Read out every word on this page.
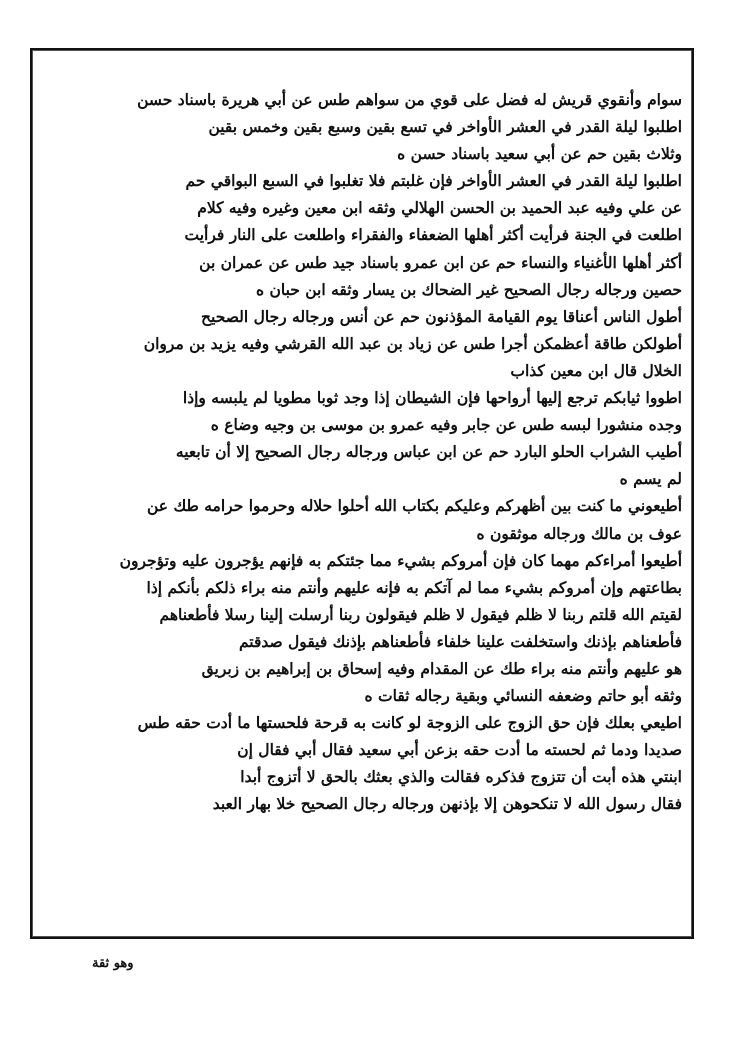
سوام وأنقوي قريش له فضل على قوي من سواهم طس عن أبي هريرة باسناد حسن
اطلبوا ليلة القدر في العشر الأواخر في تسع بقين وسبع بقين وخمس بقين
وثلاث بقين حم عن أبي سعيد باسناد حسن ه
اطلبوا ليلة القدر في العشر الأواخر فإن غلبتم فلا تغلبوا في السبع البواقي حم
عن علي وفيه عبد الحميد بن الحسن الهلالي وثقه ابن معين وغيره وفيه كلام
اطلعت في الجنة فرأيت أكثر أهلها الضعفاء والفقراء واطلعت على النار فرأيت
أكثر أهلها الأغنياء والنساء حم عن ابن عمرو باسناد جيد طس عن عمران بن
حصين ورجاله رجال الصحيح غير الضحاك بن يسار وثقه ابن حبان ه
أطول الناس أعناقا يوم القيامة المؤذنون حم عن أنس ورجاله رجال الصحيح
أطولكن طاقة أعظمكن أجرا طس عن زياد بن عبد الله القرشي وفيه يزيد بن مروان
الخلال قال ابن معين كذاب
اطووا ثيابكم ترجع إليها أرواحها فإن الشيطان إذا وجد ثوبا مطويا لم يلبسه وإذا
وجده منشورا لبسه طس عن جابر وفيه عمرو بن موسى بن وجيه وضاع ه
أطيب الشراب الحلو البارد حم عن ابن عباس ورجاله رجال الصحيح إلا أن تابعيه
لم يسم ه
أطيعوني ما كنت بين أظهركم وعليكم بكتاب الله أحلوا حلاله وحرموا حرامه طك عن
عوف بن مالك ورجاله موثقون ه
أطيعوا أمراءكم مهما كان فإن أمروكم بشيء مما جئتكم به فإنهم يؤجرون عليه وتؤجرون
بطاعتهم وإن أمروكم بشيء مما لم آتكم به فإنه عليهم وأنتم منه براء ذلكم بأنكم إذا
لقيتم الله قلتم ربنا لا ظلم فيقول لا ظلم فيقولون ربنا أرسلت إلينا رسلا فأطعناهم
فأطعناهم بإذنك واستخلفت علينا خلفاء فأطعناهم بإذنك فيقول صدقتم
هو عليهم وأنتم منه براء طك عن المقدام وفيه إسحاق بن إبراهيم بن زبريق
وثقه أبو حاتم وضعفه النسائي وبقية رجاله ثقات ه
اطيعي بعلك فإن حق الزوج على الزوجة لو كانت به قرحة فلحستها ما أدت حقه طس
صديدا ودما ثم لحسته ما أدت حقه بزعن أبي سعيد فقال أبي فقال إن
ابنتي هذه أبت أن تتزوج فذكره فقالت والذي بعثك بالحق لا أتزوج أبدا
فقال رسول الله لا تنكحوهن إلا بإذنهن ورجاله رجال الصحيح خلا بهار العبد
وهو ثقة
